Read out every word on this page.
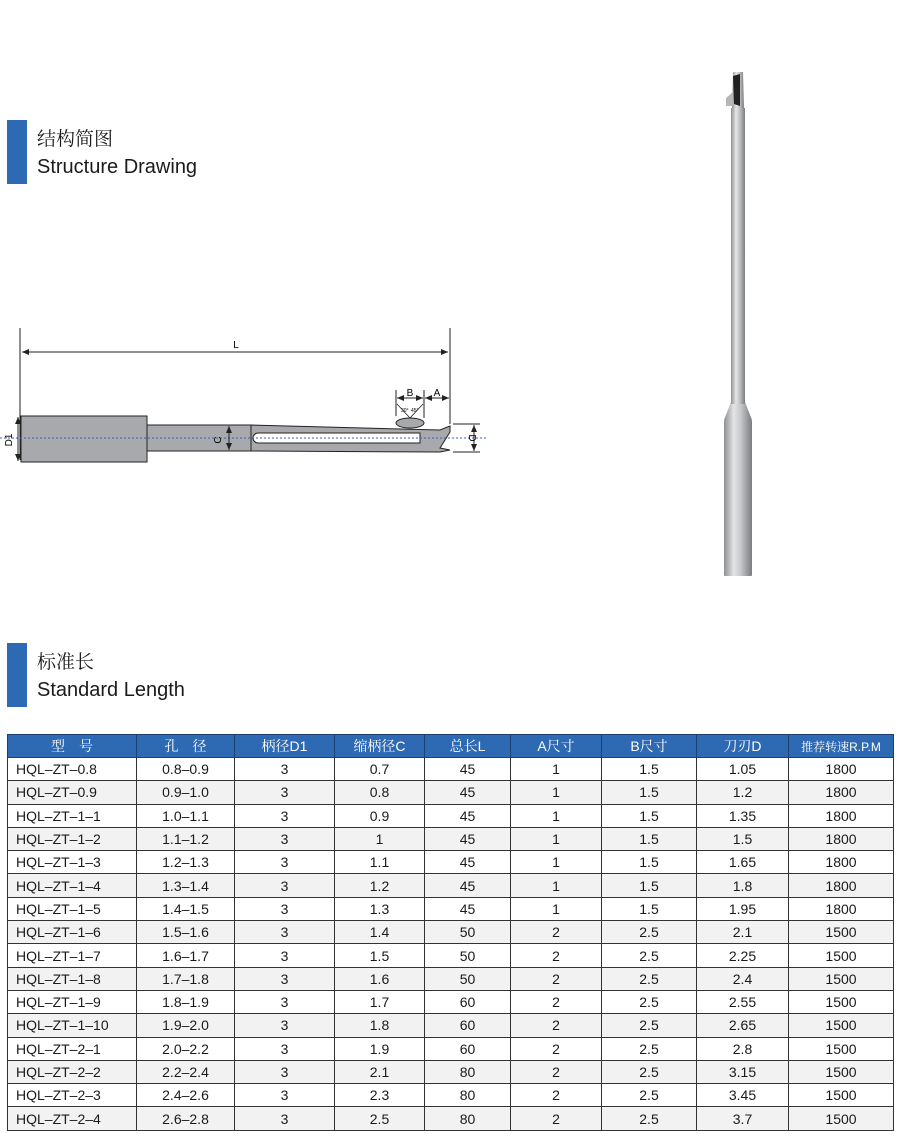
结构简图
Structure Drawing
L
D1	C	D
B A
30° 45°
标准长
Standard Length
型　号	孔　径	柄径D1	缩柄径C	总长L	A尺寸	B尺寸	刀刃D	推荐转速R.P.M
HQL–ZT–0.8	0.8–0.9	3	0.7	45	1	1.5	1.05	1800
HQL–ZT–0.9	0.9–1.0	3	0.8	45	1	1.5	1.2	1800
HQL–ZT–1–1	1.0–1.1	3	0.9	45	1	1.5	1.35	1800
HQL–ZT–1–2	1.1–1.2	3	1	45	1	1.5	1.5	1800
HQL–ZT–1–3	1.2–1.3	3	1.1	45	1	1.5	1.65	1800
HQL–ZT–1–4	1.3–1.4	3	1.2	45	1	1.5	1.8	1800
HQL–ZT–1–5	1.4–1.5	3	1.3	45	1	1.5	1.95	1800
HQL–ZT–1–6	1.5–1.6	3	1.4	50	2	2.5	2.1	1500
HQL–ZT–1–7	1.6–1.7	3	1.5	50	2	2.5	2.25	1500
HQL–ZT–1–8	1.7–1.8	3	1.6	50	2	2.5	2.4	1500
HQL–ZT–1–9	1.8–1.9	3	1.7	60	2	2.5	2.55	1500
HQL–ZT–1–10	1.9–2.0	3	1.8	60	2	2.5	2.65	1500
HQL–ZT–2–1	2.0–2.2	3	1.9	60	2	2.5	2.8	1500
HQL–ZT–2–2	2.2–2.4	3	2.1	80	2	2.5	3.15	1500
HQL–ZT–2–3	2.4–2.6	3	2.3	80	2	2.5	3.45	1500
HQL–ZT–2–4	2.6–2.8	3	2.5	80	2	2.5	3.7	1500
